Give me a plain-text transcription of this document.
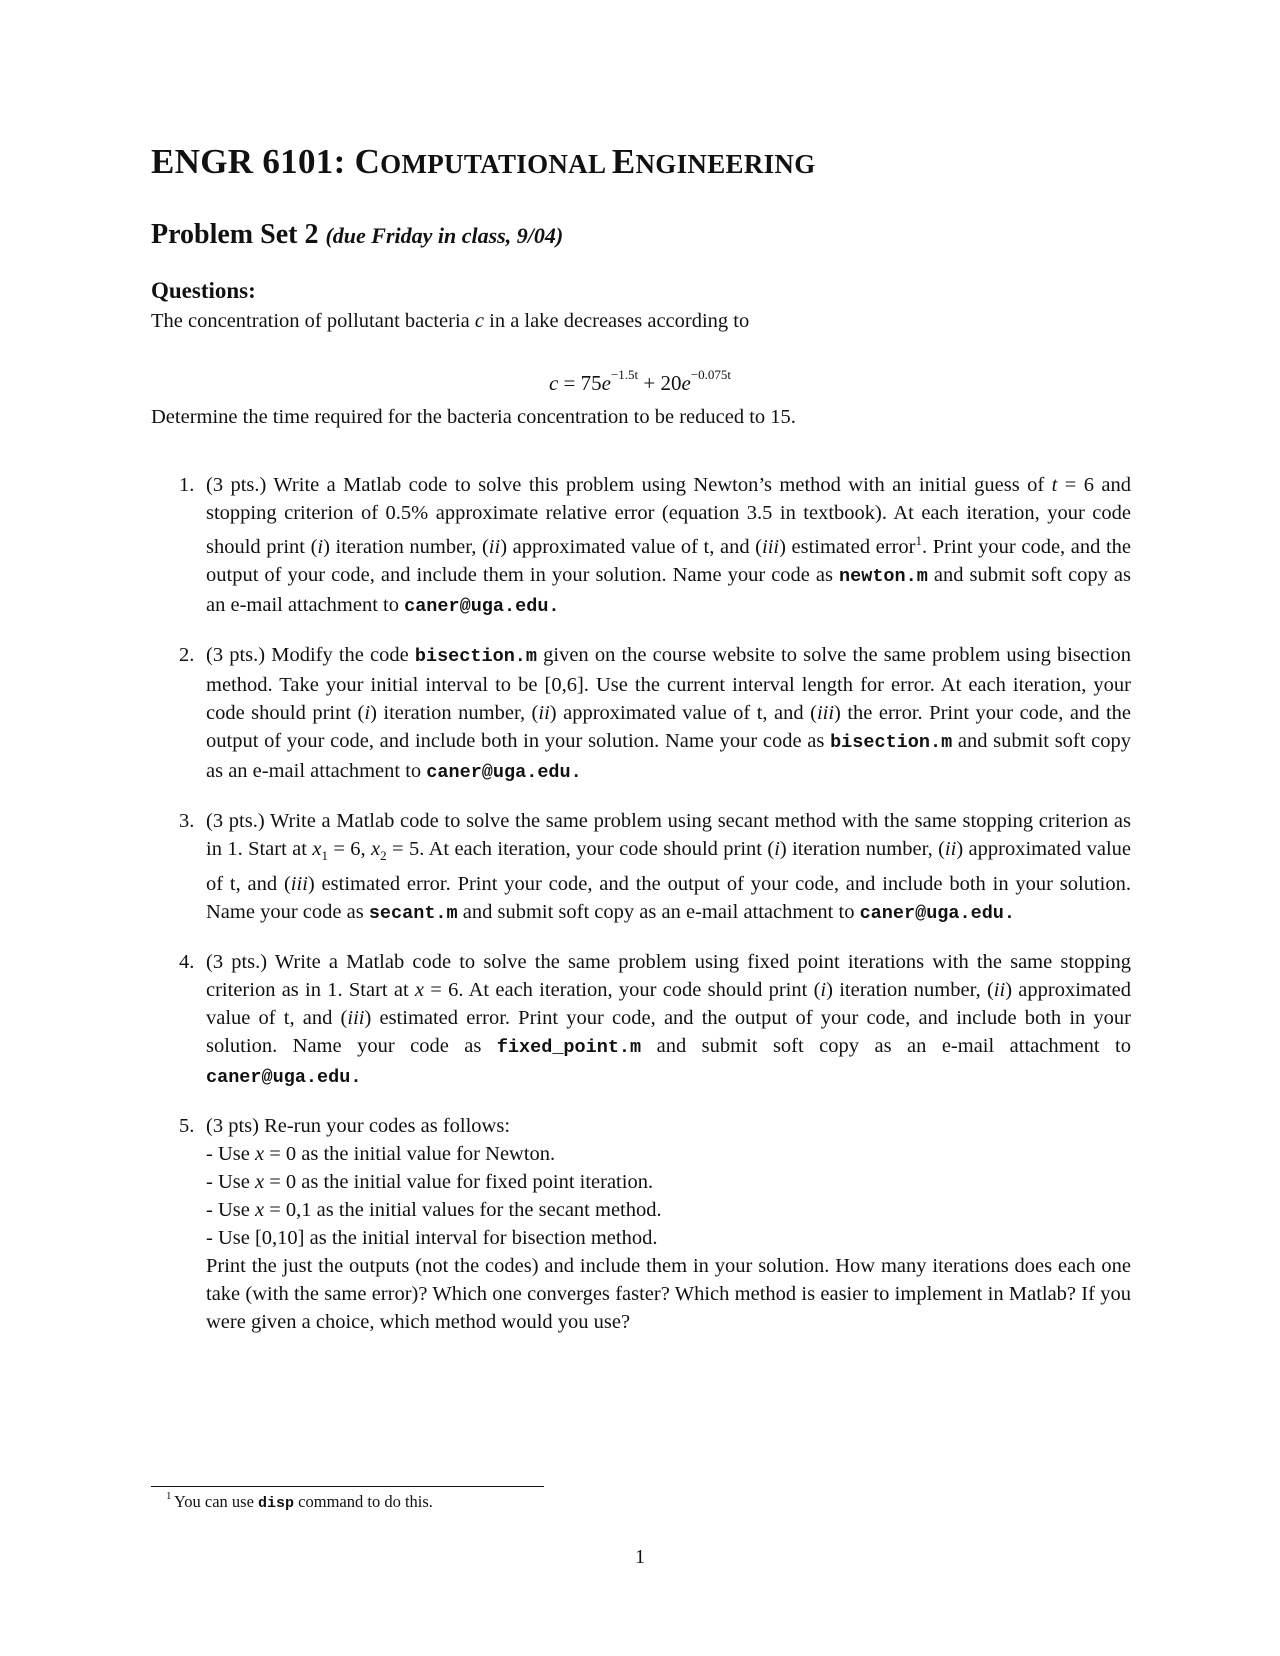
ENGR 6101: COMPUTATIONAL ENGINEERING
Problem Set 2 (due Friday in class, 9/04)
Questions:
The concentration of pollutant bacteria c in a lake decreases according to
$c = 75e^{-1.5t} + 20e^{-0.075t}$
Determine the time required for the bacteria concentration to be reduced to 15.
1. (3 pts.) Write a Matlab code to solve this problem using Newton’s method with an initial guess of t = 6 and stopping criterion of 0.5% approximate relative error (equation 3.5 in textbook). At each iteration, your code should print (i) iteration number, (ii) approximated value of t, and (iii) estimated error$^1$. Print your code, and the output of your code, and include them in your solution. Name your code as newton.m and submit soft copy as an e-mail attachment to caner@uga.edu.
2. (3 pts.) Modify the code bisection.m given on the course website to solve the same problem using bisection method. Take your initial interval to be [0,6]. Use the current interval length for error. At each iteration, your code should print (i) iteration number, (ii) approximated value of t, and (iii) the error. Print your code, and the output of your code, and include both in your solution. Name your code as bisection.m and submit soft copy as an e-mail attachment to caner@uga.edu.
3. (3 pts.) Write a Matlab code to solve the same problem using secant method with the same stopping criterion as in 1. Start at $x_1 = 6$, $x_2 = 5$. At each iteration, your code should print (i) iteration number, (ii) approximated value of t, and (iii) estimated error. Print your code, and the output of your code, and include both in your solution. Name your code as secant.m and submit soft copy as an e-mail attachment to caner@uga.edu.
4. (3 pts.) Write a Matlab code to solve the same problem using fixed point iterations with the same stopping criterion as in 1. Start at x = 6. At each iteration, your code should print (i) iteration number, (ii) approximated value of t, and (iii) estimated error. Print your code, and the output of your code, and include both in your solution. Name your code as fixed_point.m and submit soft copy as an e-mail attachment to caner@uga.edu.
5. (3 pts) Re-run your codes as follows:
- Use x = 0 as the initial value for Newton.
- Use x = 0 as the initial value for fixed point iteration.
- Use x = 0,1 as the initial values for the secant method.
- Use [0,10] as the initial interval for bisection method.
Print the just the outputs (not the codes) and include them in your solution. How many iterations does each one take (with the same error)? Which one converges faster? Which method is easier to implement in Matlab? If you were given a choice, which method would you use?
1 You can use disp command to do this.
1
